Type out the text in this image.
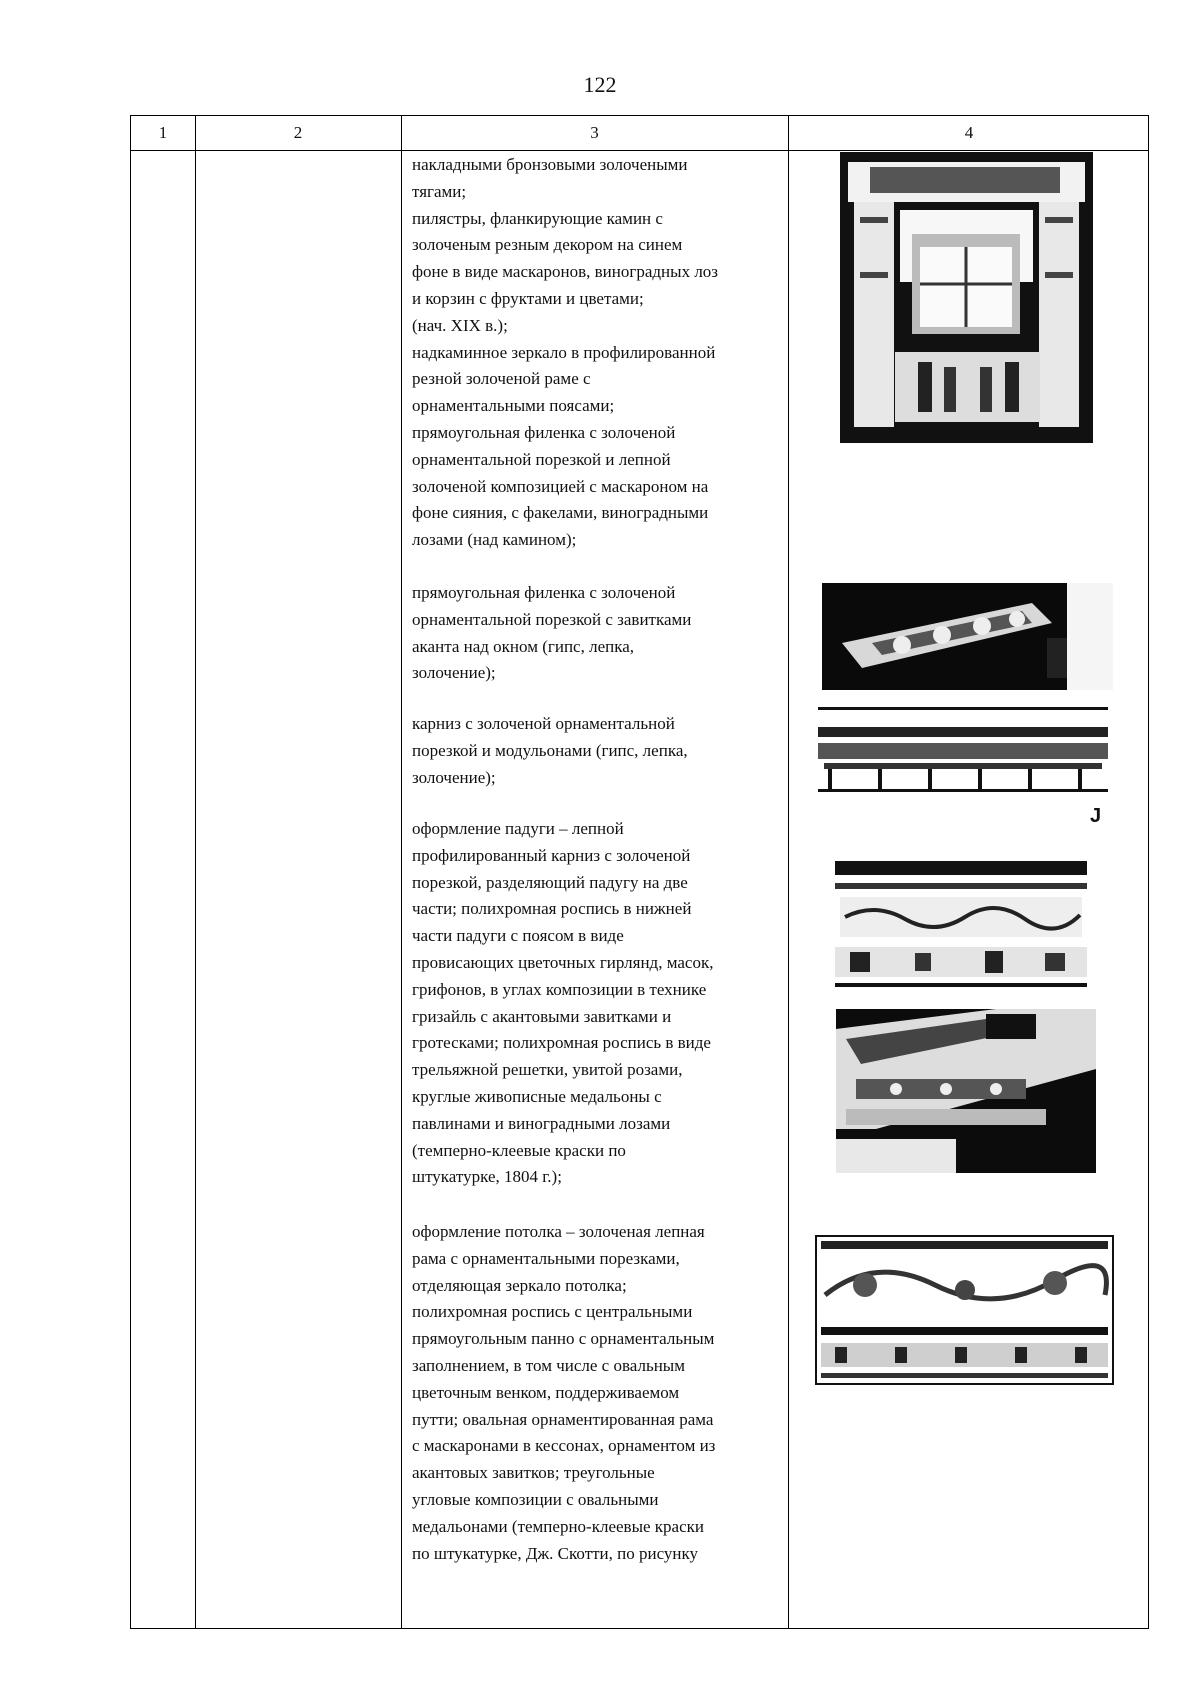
122
1	2	3	4
накладными бронзовыми золочеными
тягами;
пилястры, фланкирующие камин с
золоченым резным декором на синем
фоне в виде маскаронов, виноградных лоз
и корзин с фруктами и цветами;
(нач. XIX в.);
надкаминное зеркало в профилированной
резной золоченой раме с
орнаментальными поясами;
прямоугольная филенка с золоченой
орнаментальной порезкой и лепной
золоченой композицией с маскароном на
фоне сияния, с факелами, виноградными
лозами (над камином);
прямоугольная филенка с золоченой
орнаментальной порезкой с завитками
аканта над окном (гипс, лепка,
золочение);
карниз с золоченой орнаментальной
порезкой и модульонами (гипс, лепка,
золочение);
оформление падуги – лепной
профилированный карниз с золоченой
порезкой, разделяющий падугу на две
части; полихромная роспись в нижней
части падуги с поясом в виде
провисающих цветочных гирлянд, масок,
грифонов, в углах композиции в технике
гризайль с акантовыми завитками и
гротесками; полихромная роспись в виде
трельяжной решетки, увитой розами,
круглые живописные медальоны с
павлинами и виноградными лозами
(темперно-клеевые краски по
штукатурке, 1804 г.);
оформление потолка – золоченая лепная
рама с орнаментальными порезками,
отделяющая зеркало потолка;
полихромная роспись с центральными
прямоугольным панно с орнаментальным
заполнением, в том числе с овальным
цветочным венком, поддерживаемом
путти; овальная орнаментированная рама
с маскаронами в кессонах, орнаментом из
акантовых завитков; треугольные
угловые композиции с овальными
медальонами (темперно-клеевые краски
по штукатурке, Дж. Скотти, по рисунку
J
